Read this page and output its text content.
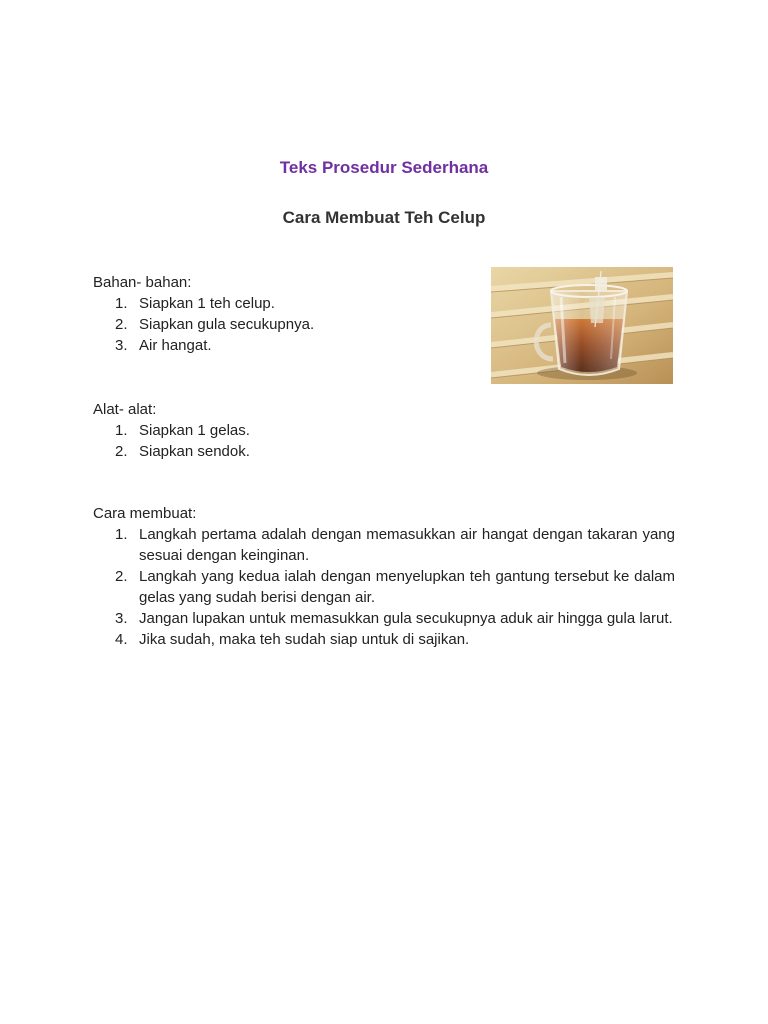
Teks Prosedur Sederhana
Cara Membuat Teh Celup
Bahan- bahan:
1. Siapkan 1 teh celup.
2. Siapkan gula secukupnya.
3. Air hangat.
Alat- alat:
1. Siapkan 1 gelas.
2. Siapkan sendok.
Cara membuat:
1. Langkah pertama adalah dengan memasukkan air hangat dengan takaran yang sesuai dengan keinginan.
2. Langkah yang kedua ialah dengan menyelupkan teh gantung tersebut ke dalam gelas yang sudah berisi dengan air.
3. Jangan lupakan untuk memasukkan gula secukupnya aduk air hingga gula larut.
4. Jika sudah, maka teh sudah siap untuk di sajikan.
